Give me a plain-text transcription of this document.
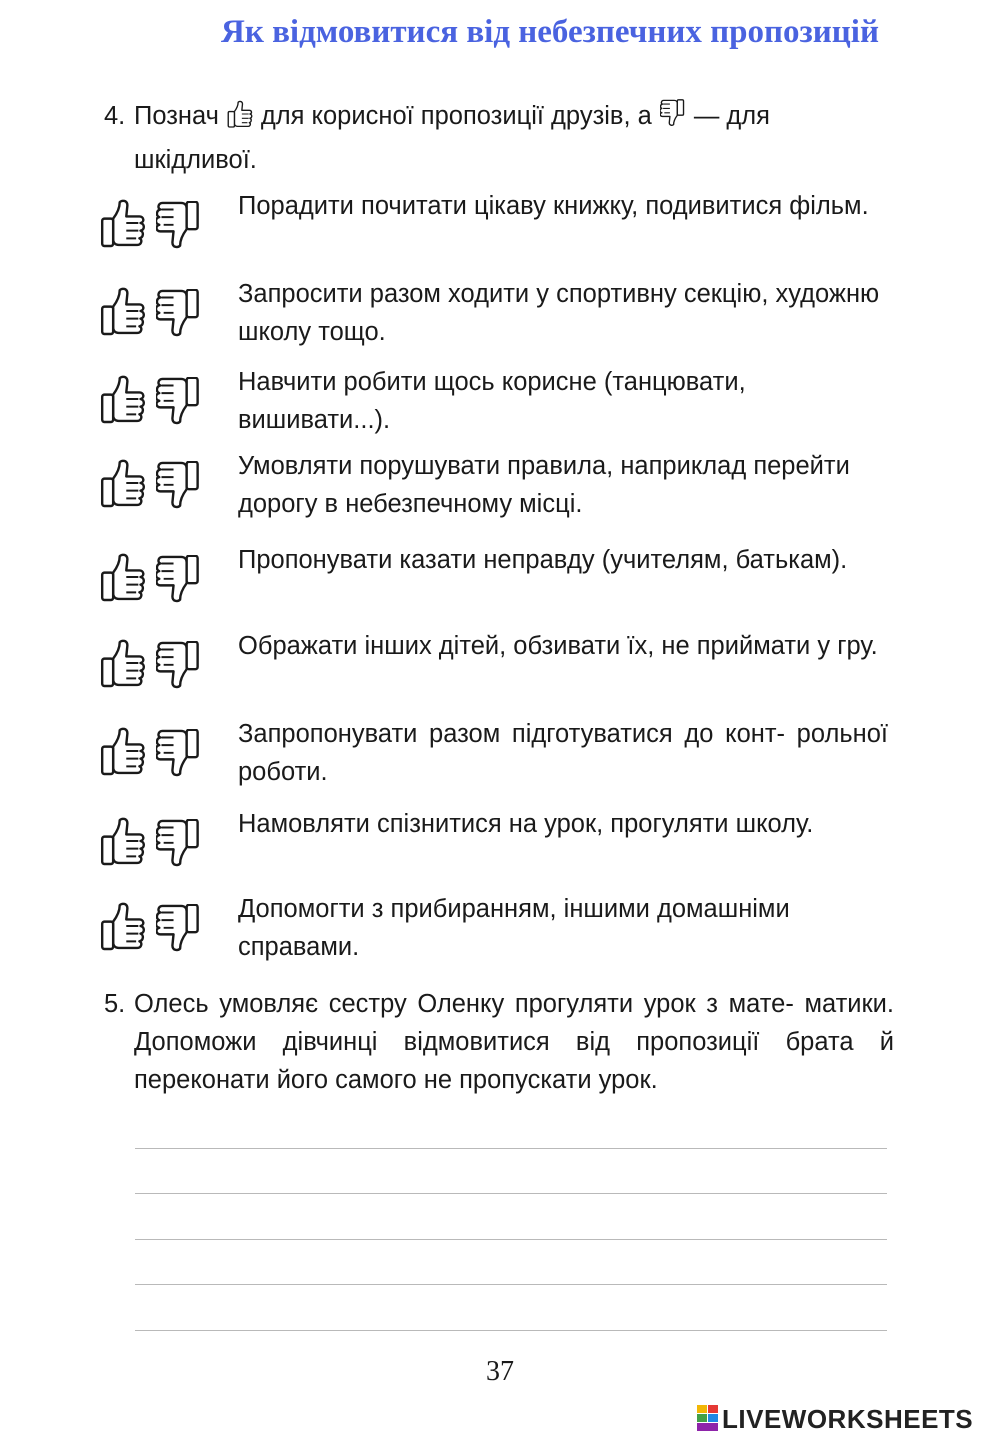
Як відмовитися від небезпечних пропозицій
4. Познач для корисної пропозиції друзів, а — для шкідливої.
Порадити почитати цікаву книжку, подивитися фільм.
Запросити разом ходити у спортивну секцію, художню школу тощо.
Навчити робити щось корисне (танцювати, вишивати...).
Умовляти порушувати правила, наприклад перейти дорогу в небезпечному місці.
Пропонувати казати неправду (учителям, батькам).
Ображати інших дітей, обзивати їх, не приймати у гру.
Запропонувати разом підготуватися до конт- рольної роботи.
Намовляти спізнитися на урок, прогуляти школу.
Допомогти з прибиранням, іншими домашніми справами.
5. Олесь умовляє сестру Оленку прогуляти урок з мате- матики. Допоможи дівчинці відмовитися від пропозиції брата й переконати його самого не пропускати урок.
37
LIVEWORKSHEETS
